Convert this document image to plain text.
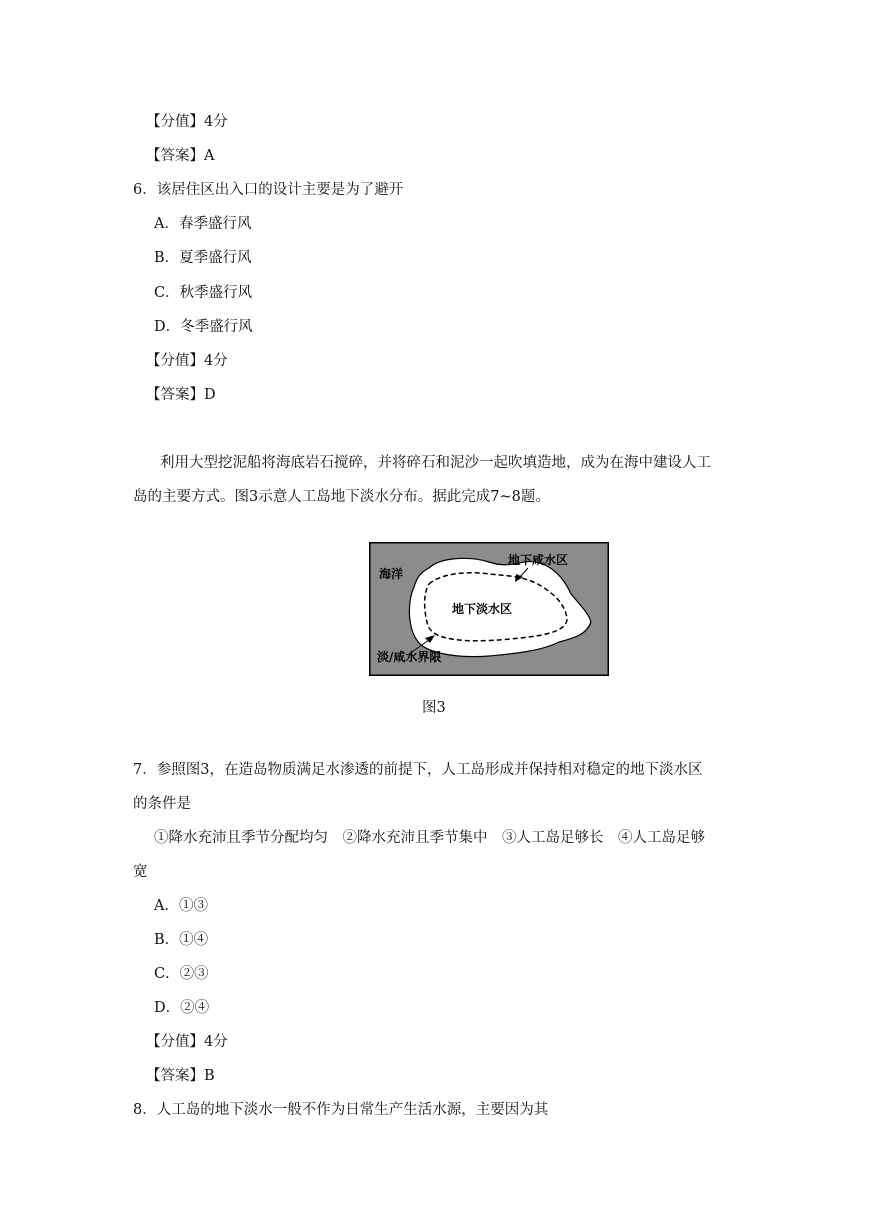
【分值】4分
【答案】A
6．该居住区出入口的设计主要是为了避开
A．春季盛行风
B．夏季盛行风
C．秋季盛行风
D．冬季盛行风
【分值】4分
【答案】D
利用大型挖泥船将海底岩石搅碎，并将碎石和泥沙一起吹填造地，成为在海中建设人工
岛的主要方式。图3示意人工岛地下淡水分布。据此完成7~8题。
海洋
地下咸水区
地下淡水区
淡/咸水界限
图3
7．参照图3，在造岛物质满足水渗透的前提下，人工岛形成并保持相对稳定的地下淡水区
的条件是
①降水充沛且季节分配均匀　②降水充沛且季节集中　③人工岛足够长　④人工岛足够
宽
A．①③
B．①④
C．②③
D．②④
【分值】4分
【答案】B
8．人工岛的地下淡水一般不作为日常生产生活水源，主要因为其
